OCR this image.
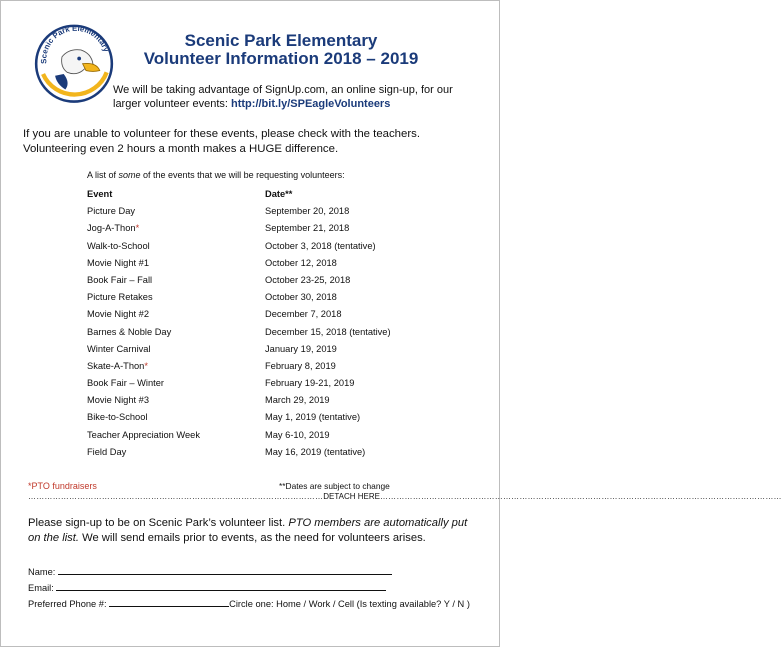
Scenic Park Elementary	Scenic Park Elementary
Volunteer Information 2018 – 2019
We will be taking advantage of SignUp.com, an online sign-up, for our larger volunteer events: http://bit.ly/SPEagleVolunteers
If you are unable to volunteer for these events, please check with the teachers. Volunteering even 2 hours a month makes a HUGE difference.
A list of some of the events that we will be requesting volunteers:
Event	Date**
Picture Day	September 20, 2018
Jog-A-Thon*	September 21, 2018
Walk-to-School	October 3, 2018 (tentative)
Movie Night #1	October 12, 2018
Book Fair – Fall	October 23-25, 2018
Picture Retakes	October 30, 2018
Movie Night #2	December 7, 2018
Barnes & Noble Day	December 15, 2018 (tentative)
Winter Carnival	January 19, 2019
Skate-A-Thon*	February 8, 2019
Book Fair – Winter	February 19-21, 2019
Movie Night #3	March 29, 2019
Bike-to-School	May 1, 2019 (tentative)
Teacher Appreciation Week	May 6-10, 2019
Field Day	May 16, 2019 (tentative)
*PTO fundraisers	**Dates are subject to change
………………………………………………………………………………………………DETACH HERE…………………………………………………………………………………………………………………………………
Please sign-up to be on Scenic Park’s volunteer list. PTO members are automatically put on the list. We will send emails prior to events, as the need for volunteers arises.
Name:
Email:
Preferred Phone #:	Circle one: Home / Work / Cell (Is texting available? Y / N )
